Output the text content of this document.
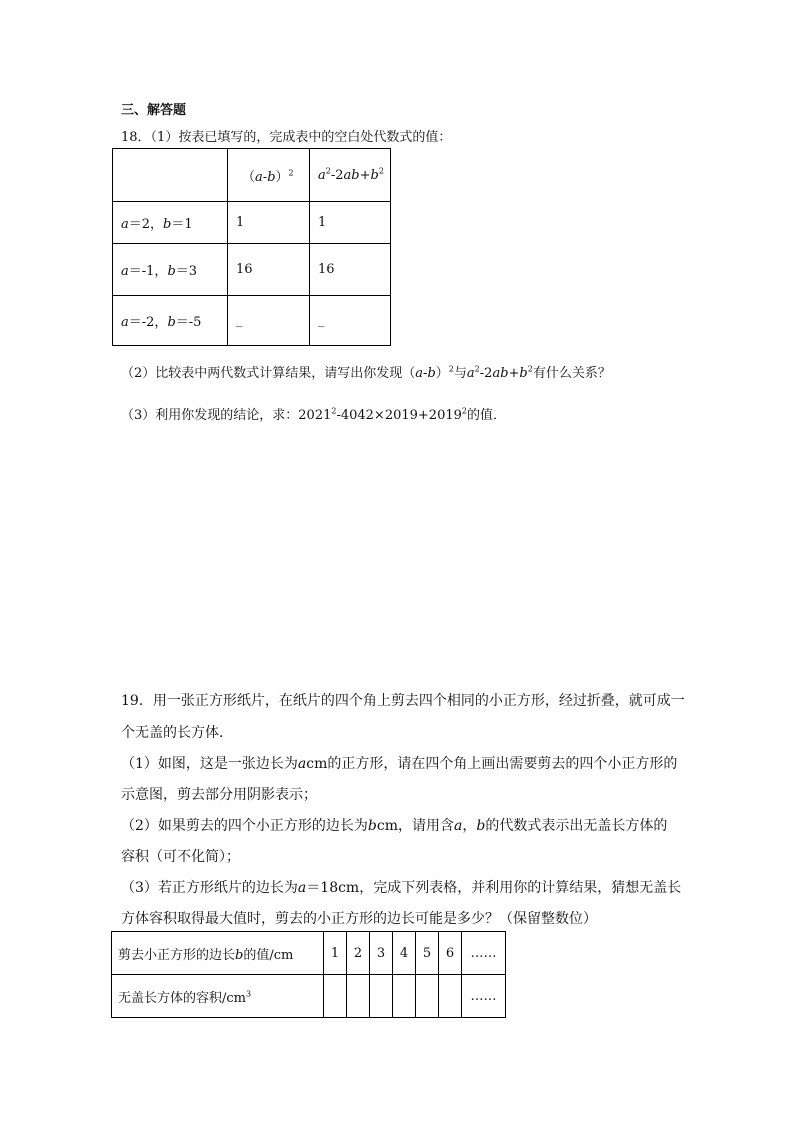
三、解答题
18．（1）按表已填写的，完成表中的空白处代数式的值：
	$(a-b)^2$	$a^2-2ab+b^2$
a＝2，b＝1	1	1
a＝-1，b＝3	16	16
a＝-2，b＝-5	_	_
（2）比较表中两代数式计算结果，请写出你发现$(a-b)^2$与$a^2-2ab+b^2$有什么关系？
（3）利用你发现的结论，求：$2021^2-4042\times 2019+2019^2$的值．
19．用一张正方形纸片，在纸片的四个角上剪去四个相同的小正方形，经过折叠，就可成一
个无盖的长方体．
（1）如图，这是一张边长为acm的正方形，请在四个角上画出需要剪去的四个小正方形的
示意图，剪去部分用阴影表示；
（2）如果剪去的四个小正方形的边长为bcm，请用含a，b的代数式表示出无盖长方体的
容积（可不化简）；
（3）若正方形纸片的边长为a＝18cm，完成下列表格，并利用你的计算结果，猜想无盖长
方体容积取得最大值时，剪去的小正方形的边长可能是多少？（保留整数位）
剪去小正方形的边长b的值/cm	1	2	3	4	5	6	……
无盖长方体的容积$/cm^3$							……
